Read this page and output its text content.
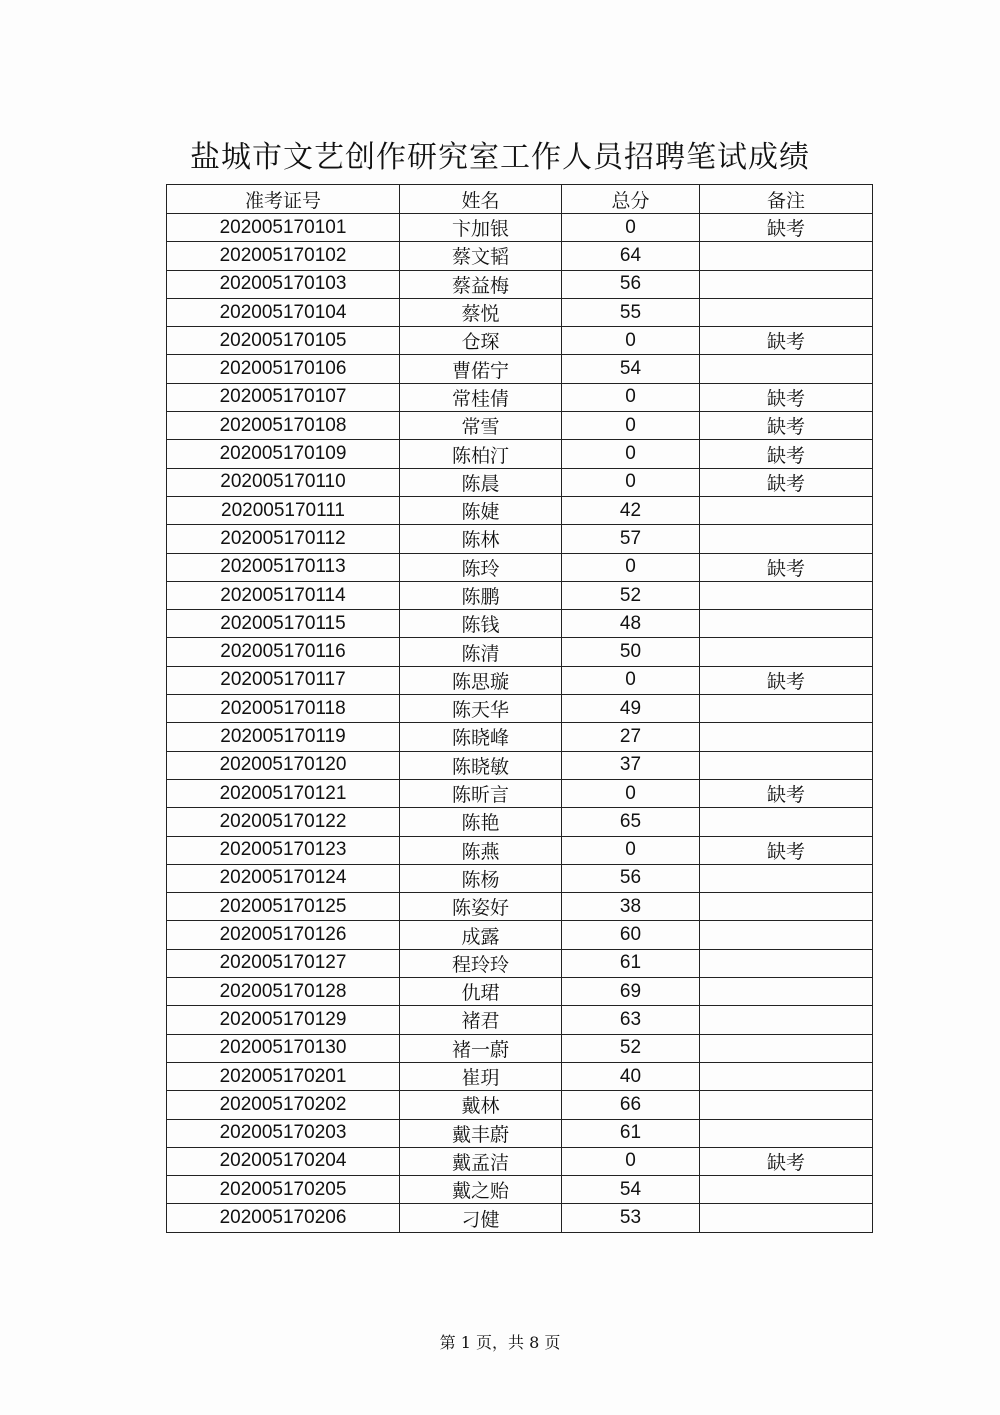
盐城市文艺创作研究室工作人员招聘笔试成绩
准考证号	姓名	总分	备注
202005170101	卞加银	0	缺考
202005170102	蔡文韬	64	
202005170103	蔡益梅	56	
202005170104	蔡悦	55	
202005170105	仓琛	0	缺考
202005170106	曹偌宁	54	
202005170107	常桂倩	0	缺考
202005170108	常雪	0	缺考
202005170109	陈柏汀	0	缺考
202005170110	陈晨	0	缺考
202005170111	陈婕	42	
202005170112	陈林	57	
202005170113	陈玲	0	缺考
202005170114	陈鹏	52	
202005170115	陈钱	48	
202005170116	陈清	50	
202005170117	陈思璇	0	缺考
202005170118	陈天华	49	
202005170119	陈晓峰	27	
202005170120	陈晓敏	37	
202005170121	陈昕言	0	缺考
202005170122	陈艳	65	
202005170123	陈燕	0	缺考
202005170124	陈杨	56	
202005170125	陈姿好	38	
202005170126	成露	60	
202005170127	程玲玲	61	
202005170128	仇珺	69	
202005170129	褚君	63	
202005170130	褚一蔚	52	
202005170201	崔玥	40	
202005170202	戴林	66	
202005170203	戴丰蔚	61	
202005170204	戴孟洁	0	缺考
202005170205	戴之贻	54	
202005170206	刁健	53	
第 1 页，共 8 页
